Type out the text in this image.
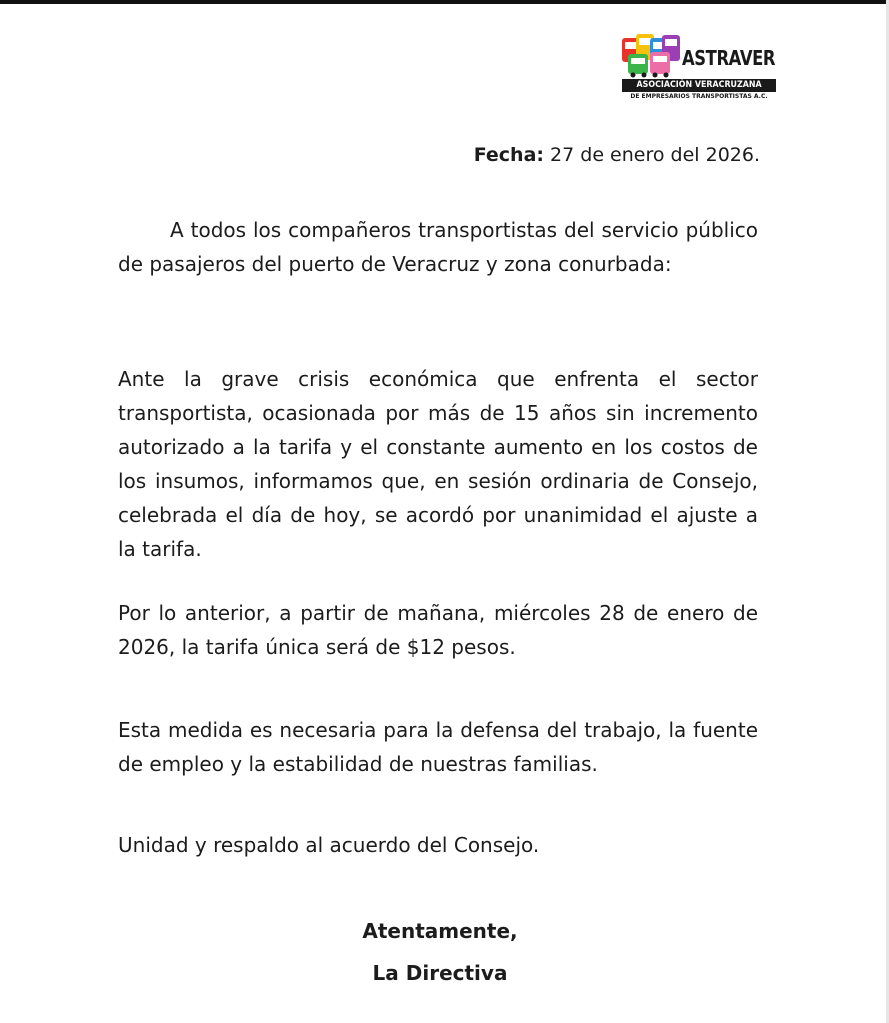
ASTRAVER
ASOCIACIÓN VERACRUZANA
DE EMPRESARIOS TRANSPORTISTAS A.C.
Fecha: 27 de enero del 2026.
A todos los compañeros transportistas del servicio público de pasajeros del puerto de Veracruz y zona conurbada:
Ante la grave crisis económica que enfrenta el sector transportista, ocasionada por más de 15 años sin incremento autorizado a la tarifa y el constante aumento en los costos de los insumos, informamos que, en sesión ordinaria de Consejo, celebrada el día de hoy, se acordó por unanimidad el ajuste a la tarifa.
Por lo anterior, a partir de mañana, miércoles 28 de enero de 2026, la tarifa única será de $12 pesos.
Esta medida es necesaria para la defensa del trabajo, la fuente de empleo y la estabilidad de nuestras familias.
Unidad y respaldo al acuerdo del Consejo.
Atentamente,
La Directiva
